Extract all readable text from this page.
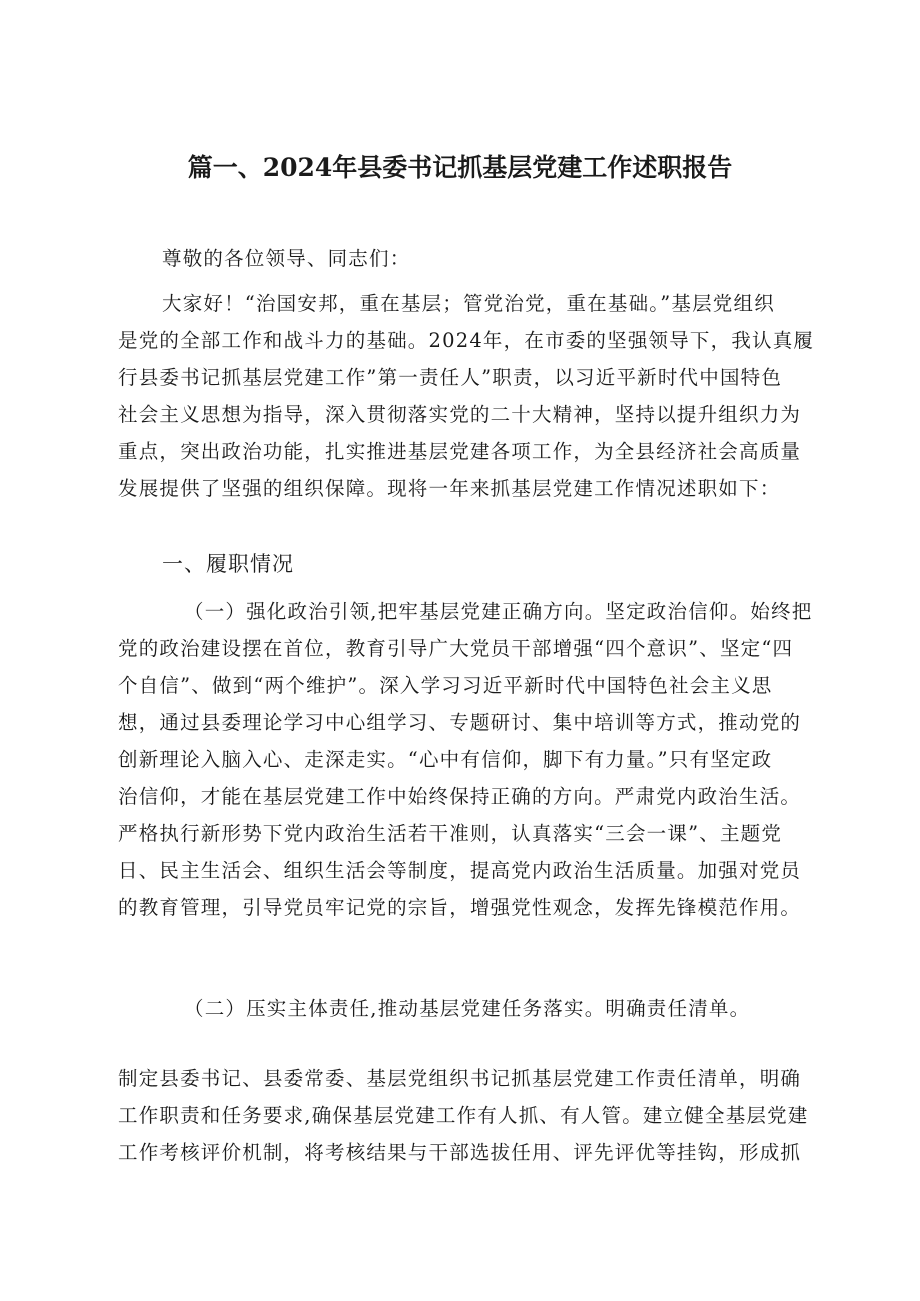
篇一、2024年县委书记抓基层党建工作述职报告
尊敬的各位领导、同志们：
大家好！“治国安邦，重在基层；管党治党，重在基础。”基层党组织
是党的全部工作和战斗力的基础。2024年，在市委的坚强领导下，我认真履
行县委书记抓基层党建工作”第一责任人”职责，以习近平新时代中国特色
社会主义思想为指导，深入贯彻落实党的二十大精神，坚持以提升组织力为
重点，突出政治功能，扎实推进基层党建各项工作，为全县经济社会高质量
发展提供了坚强的组织保障。现将一年来抓基层党建工作情况述职如下：
一、履职情况
（一）强化政治引领,把牢基层党建正确方向。坚定政治信仰。始终把
党的政治建设摆在首位，教育引导广大党员干部增强“四个意识”、坚定“四
个自信”、做到“两个维护”。深入学习习近平新时代中国特色社会主义思
想，通过县委理论学习中心组学习、专题研讨、集中培训等方式，推动党的
创新理论入脑入心、走深走实。“心中有信仰，脚下有力量。”只有坚定政
治信仰，才能在基层党建工作中始终保持正确的方向。严肃党内政治生活。
严格执行新形势下党内政治生活若干准则，认真落实“三会一课”、主题党
日、民主生活会、组织生活会等制度，提高党内政治生活质量。加强对党员
的教育管理，引导党员牢记党的宗旨，增强党性观念，发挥先锋模范作用。
（二）压实主体责任,推动基层党建任务落实。明确责任清单。
制定县委书记、县委常委、基层党组织书记抓基层党建工作责任清单，明确
工作职责和任务要求,确保基层党建工作有人抓、有人管。建立健全基层党建
工作考核评价机制，将考核结果与干部选拔任用、评先评优等挂钩，形成抓
